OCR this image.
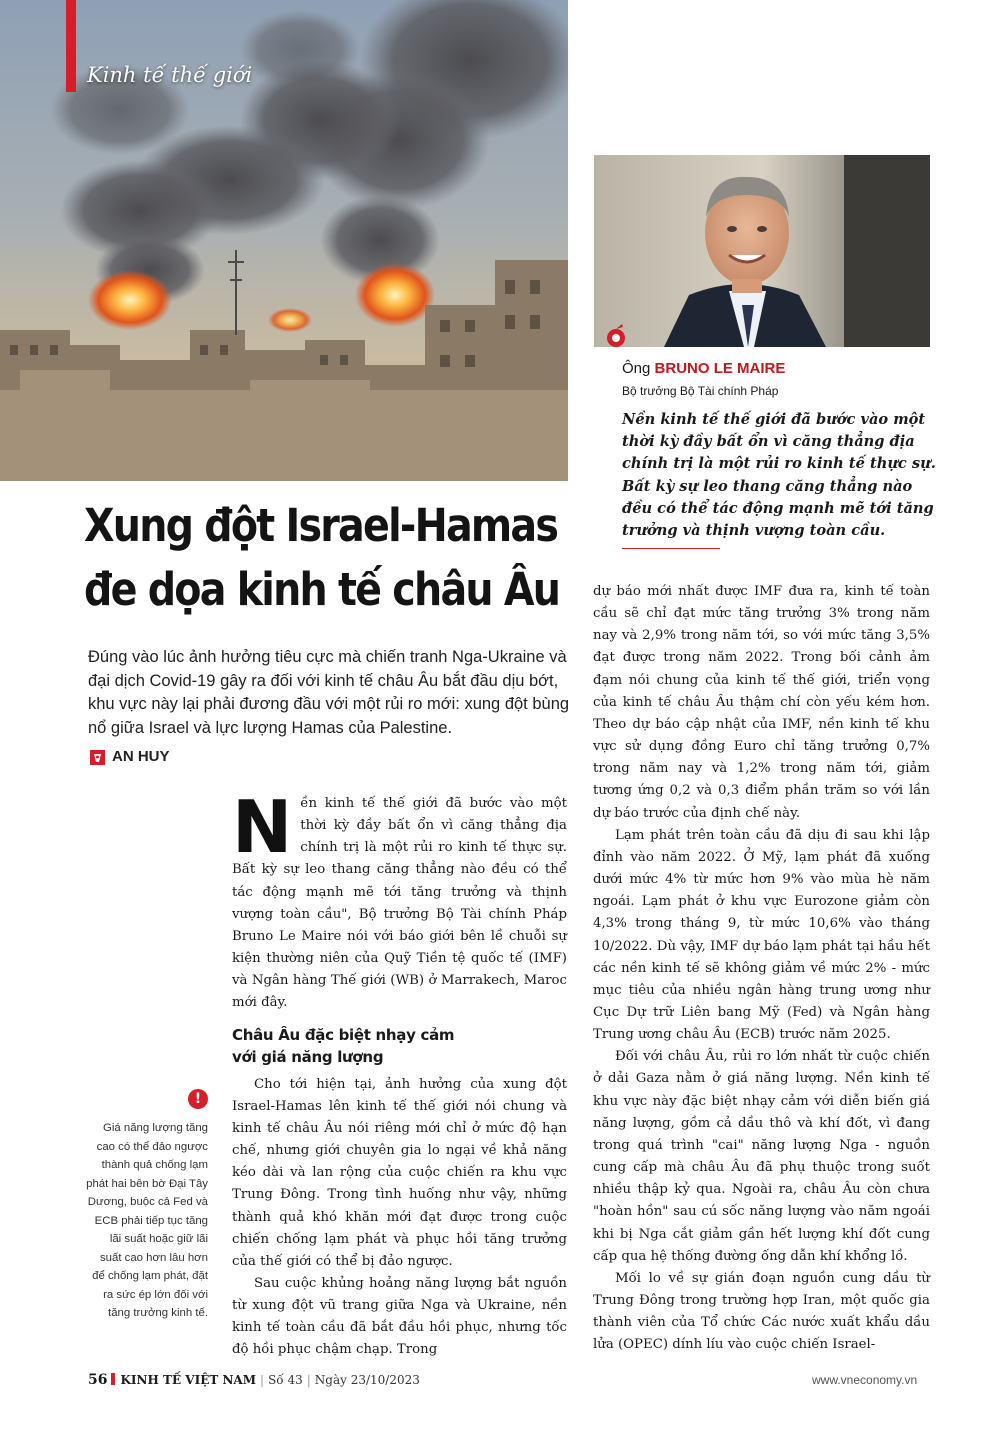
Kinh tế thế giới
Ông BRUNO LE MAIRE
Bộ trưởng Bộ Tài chính Pháp
Nền kinh tế thế giới đã bước vào một thời kỳ đầy bất ổn vì căng thẳng địa chính trị là một rủi ro kinh tế thực sự. Bất kỳ sự leo thang căng thẳng nào đều có thể tác động mạnh mẽ tới tăng trưởng và thịnh vượng toàn cầu.
Xung đột Israel-Hamas
đe dọa kinh tế châu Âu
Đúng vào lúc ảnh hưởng tiêu cực mà chiến tranh Nga-Ukraine và đại dịch Covid-19 gây ra đối với kinh tế châu Âu bắt đầu dịu bớt, khu vực này lại phải đương đầu với một rủi ro mới: xung đột bùng nổ giữa Israel và lực lượng Hamas của Palestine.
AN HUY

Nền kinh tế thế giới đã bước vào một thời kỳ đầy bất ổn vì căng thẳng địa chính trị là một rủi ro kinh tế thực sự. Bất kỳ sự leo thang căng thẳng nào đều có thể tác động mạnh mẽ tới tăng trưởng và thịnh vượng toàn cầu", Bộ trưởng Bộ Tài chính Pháp Bruno Le Maire nói với báo giới bên lề chuỗi sự kiện thường niên của Quỹ Tiền tệ quốc tế (IMF) và Ngân hàng Thế giới (WB) ở Marrakech, Maroc mới đây.

Châu Âu đặc biệt nhạy cảm
với giá năng lượng

Cho tới hiện tại, ảnh hưởng của xung đột Israel-Hamas lên kinh tế thế giới nói chung và kinh tế châu Âu nói riêng mới chỉ ở mức độ hạn chế, nhưng giới chuyên gia lo ngại về khả năng kéo dài và lan rộng của cuộc chiến ra khu vực Trung Đông. Trong tình huống như vậy, những thành quả khó khăn mới đạt được trong cuộc chiến chống lạm phát và phục hồi tăng trưởng của thế giới có thể bị đảo ngược.

Sau cuộc khủng hoảng năng lượng bắt nguồn từ xung đột vũ trang giữa Nga và Ukraine, nền kinh tế toàn cầu đã bắt đầu hồi phục, nhưng tốc độ hồi phục chậm chạp. Trong

dự báo mới nhất được IMF đưa ra, kinh tế toàn cầu sẽ chỉ đạt mức tăng trưởng 3% trong năm nay và 2,9% trong năm tới, so với mức tăng 3,5% đạt được trong năm 2022. Trong bối cảnh ảm đạm nói chung của kinh tế thế giới, triển vọng của kinh tế châu Âu thậm chí còn yếu kém hơn. Theo dự báo cập nhật của IMF, nền kinh tế khu vực sử dụng đồng Euro chỉ tăng trưởng 0,7% trong năm nay và 1,2% trong năm tới, giảm tương ứng 0,2 và 0,3 điểm phần trăm so với lần dự báo trước của định chế này.

Lạm phát trên toàn cầu đã dịu đi sau khi lập đỉnh vào năm 2022. Ở Mỹ, lạm phát đã xuống dưới mức 4% từ mức hơn 9% vào mùa hè năm ngoái. Lạm phát ở khu vực Eurozone giảm còn 4,3% trong tháng 9, từ mức 10,6% vào tháng 10/2022. Dù vậy, IMF dự báo lạm phát tại hầu hết các nền kinh tế sẽ không giảm về mức 2% - mức mục tiêu của nhiều ngân hàng trung ương như Cục Dự trữ Liên bang Mỹ (Fed) và Ngân hàng Trung ương châu Âu (ECB) trước năm 2025.

Đối với châu Âu, rủi ro lớn nhất từ cuộc chiến ở dải Gaza nằm ở giá năng lượng. Nền kinh tế khu vực này đặc biệt nhạy cảm với diễn biến giá năng lượng, gồm cả dầu thô và khí đốt, vì đang trong quá trình "cai" năng lượng Nga - nguồn cung cấp mà châu Âu đã phụ thuộc trong suốt nhiều thập kỷ qua. Ngoài ra, châu Âu còn chưa "hoàn hồn" sau cú sốc năng lượng vào năm ngoái khi bị Nga cắt giảm gần hết lượng khí đốt cung cấp qua hệ thống đường ống dẫn khí khổng lồ.

Mối lo về sự gián đoạn nguồn cung dầu từ Trung Đông trong trường hợp Iran, một quốc gia thành viên của Tổ chức Các nước xuất khẩu dầu lửa (OPEC) dính líu vào cuộc chiến Israel-

!
Giá năng lượng tăng cao có thể đảo ngược thành quả chống lạm phát hai bên bờ Đại Tây Dương, buộc cả Fed và ECB phải tiếp tục tăng lãi suất hoặc giữ lãi suất cao hơn lâu hơn để chống lạm phát, đặt ra sức ép lớn đối với tăng trưởng kinh tế.
56 KINH TẾ VIỆT NAM | Số 43 | Ngày 23/10/2023	www.vneconomy.vn
